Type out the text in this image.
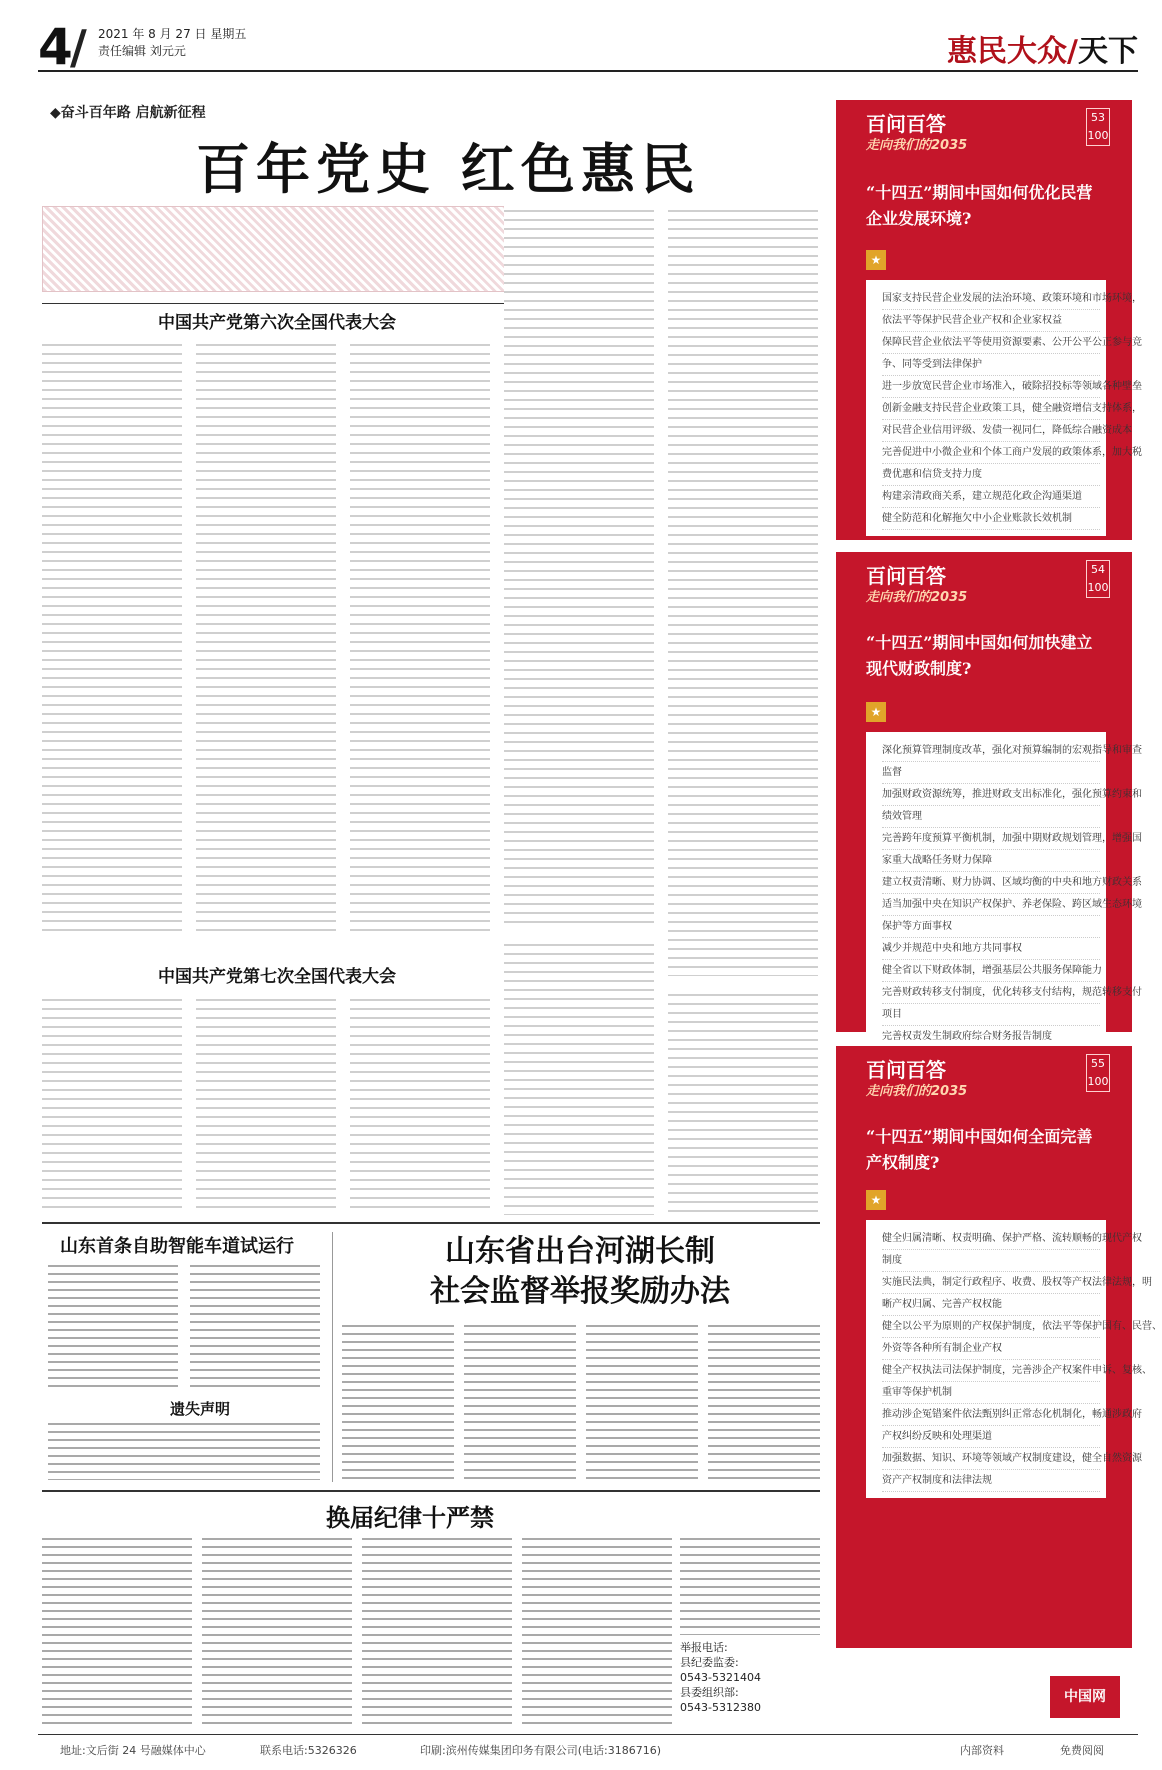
4
/ 2021 年 8 月 27 日 星期五
责任编辑 刘元元	惠民大众/天下
◆奋斗百年路 启航新征程
百年党史 红色惠民
中国共产党第六次全国代表大会
中国共产党第七次全国代表大会
山东首条自助智能车道试运行
遗失声明
山东省出台河湖长制
社会监督举报奖励办法
换届纪律十严禁
举报电话:
县纪委监委:
0543-5321404
县委组织部:
0543-5312380
百问百答
走向我们的2035
53
100
“十四五”期间中国如何优化民营企业发展环境?
★
国家支持民营企业发展的法治环境、政策环境和市场环境，
依法平等保护民营企业产权和企业家权益
保障民营企业依法平等使用资源要素、公开公平公正参与竞
争、同等受到法律保护
进一步放宽民营企业市场准入，破除招投标等领域各种壁垒
创新金融支持民营企业政策工具，健全融资增信支持体系，
对民营企业信用评级、发债一视同仁，降低综合融资成本
完善促进中小微企业和个体工商户发展的政策体系，加大税
费优惠和信贷支持力度
构建亲清政商关系，建立规范化政企沟通渠道
健全防范和化解拖欠中小企业账款长效机制
百问百答
走向我们的2035
54
100
“十四五”期间中国如何加快建立现代财政制度?
★
深化预算管理制度改革，强化对预算编制的宏观指导和审查
监督
加强财政资源统筹，推进财政支出标准化，强化预算约束和
绩效管理
完善跨年度预算平衡机制，加强中期财政规划管理，增强国
家重大战略任务财力保障
建立权责清晰、财力协调、区域均衡的中央和地方财政关系
适当加强中央在知识产权保护、养老保险、跨区域生态环境
保护等方面事权
减少并规范中央和地方共同事权
健全省以下财政体制，增强基层公共服务保障能力
完善财政转移支付制度，优化转移支付结构，规范转移支付
项目
完善权责发生制政府综合财务报告制度
百问百答
走向我们的2035
55
100
“十四五”期间中国如何全面完善产权制度?
★
健全归属清晰、权责明确、保护严格、流转顺畅的现代产权
制度
实施民法典，制定行政程序、收费、股权等产权法律法规，明
晰产权归属、完善产权权能
健全以公平为原则的产权保护制度，依法平等保护国有、民营、
外资等各种所有制企业产权
健全产权执法司法保护制度，完善涉企产权案件申诉、复核、
重审等保护机制
推动涉企冤错案件依法甄别纠正常态化机制化，畅通涉政府
产权纠纷反映和处理渠道
加强数据、知识、环境等领域产权制度建设，健全自然资源
资产产权制度和法律法规
中国网
地址:文后街 24 号融媒体中心	联系电话:5326326	印刷:滨州传媒集团印务有限公司(电话:3186716)	内部资料	免费阅阅
